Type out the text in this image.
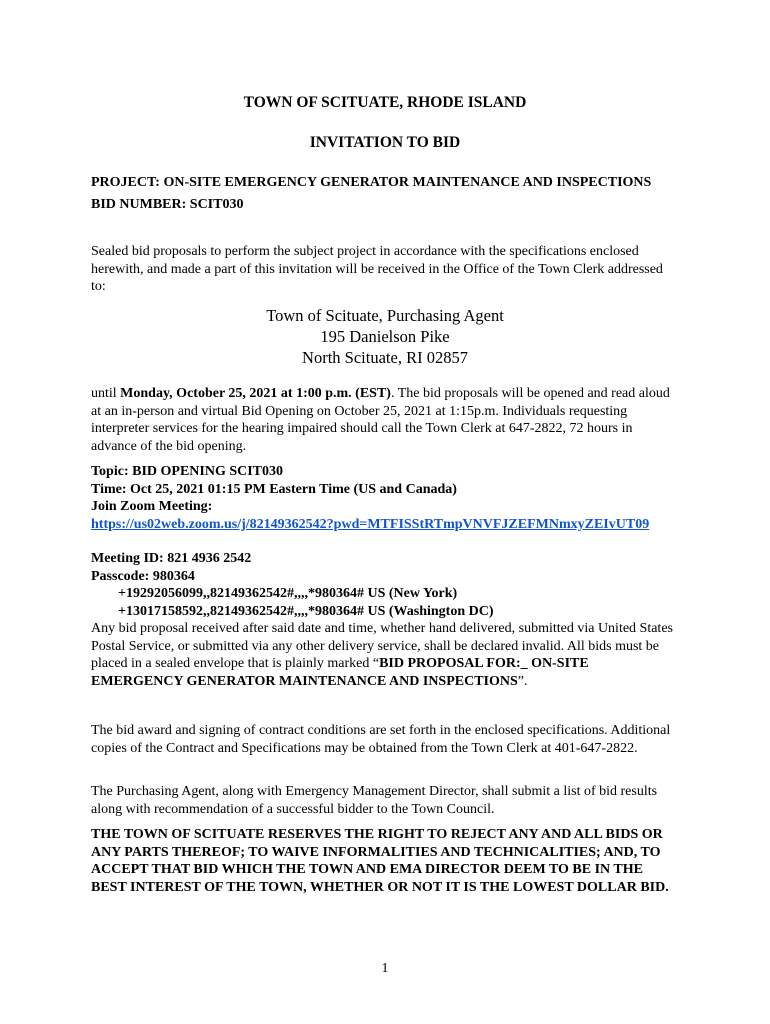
TOWN OF SCITUATE, RHODE ISLAND
INVITATION TO BID

PROJECT: ON-SITE EMERGENCY GENERATOR MAINTENANCE AND INSPECTIONS

BID NUMBER: SCIT030

Sealed bid proposals to perform the subject project in accordance with the specifications enclosed herewith, and made a part of this invitation will be received in the Office of the Town Clerk addressed to:

Town of Scituate, Purchasing Agent
195 Danielson Pike
North Scituate, RI 02857

until Monday, October 25, 2021 at 1:00 p.m. (EST). The bid proposals will be opened and read aloud at an in-person and virtual Bid Opening on October 25, 2021 at 1:15p.m. Individuals requesting interpreter services for the hearing impaired should call the Town Clerk at 647-2822, 72 hours in advance of the bid opening.

Topic: BID OPENING SCIT030

Time: Oct 25, 2021 01:15 PM Eastern Time (US and Canada)

Join Zoom Meeting:

https://us02web.zoom.us/j/82149362542?pwd=MTFISStRTmpVNVFJZEFMNmxyZEIvUT09

Meeting ID: 821 4936 2542

Passcode: 980364

+19292056099,,82149362542#,,,,*980364# US (New York)

+13017158592,,82149362542#,,,,*980364# US (Washington DC)

Any bid proposal received after said date and time, whether hand delivered, submitted via United States Postal Service, or submitted via any other delivery service, shall be declared invalid. All bids must be placed in a sealed envelope that is plainly marked “BID PROPOSAL FOR:_ ON-SITE EMERGENCY GENERATOR MAINTENANCE AND INSPECTIONS”.

The bid award and signing of contract conditions are set forth in the enclosed specifications. Additional copies of the Contract and Specifications may be obtained from the Town Clerk at 401-647-2822.

The Purchasing Agent, along with Emergency Management Director, shall submit a list of bid results along with recommendation of a successful bidder to the Town Council.

THE TOWN OF SCITUATE RESERVES THE RIGHT TO REJECT ANY AND ALL BIDS OR ANY PARTS THEREOF; TO WAIVE INFORMALITIES AND TECHNICALITIES; AND, TO ACCEPT THAT BID WHICH THE TOWN AND EMA DIRECTOR DEEM TO BE IN THE BEST INTEREST OF THE TOWN, WHETHER OR NOT IT IS THE LOWEST DOLLAR BID.

1
